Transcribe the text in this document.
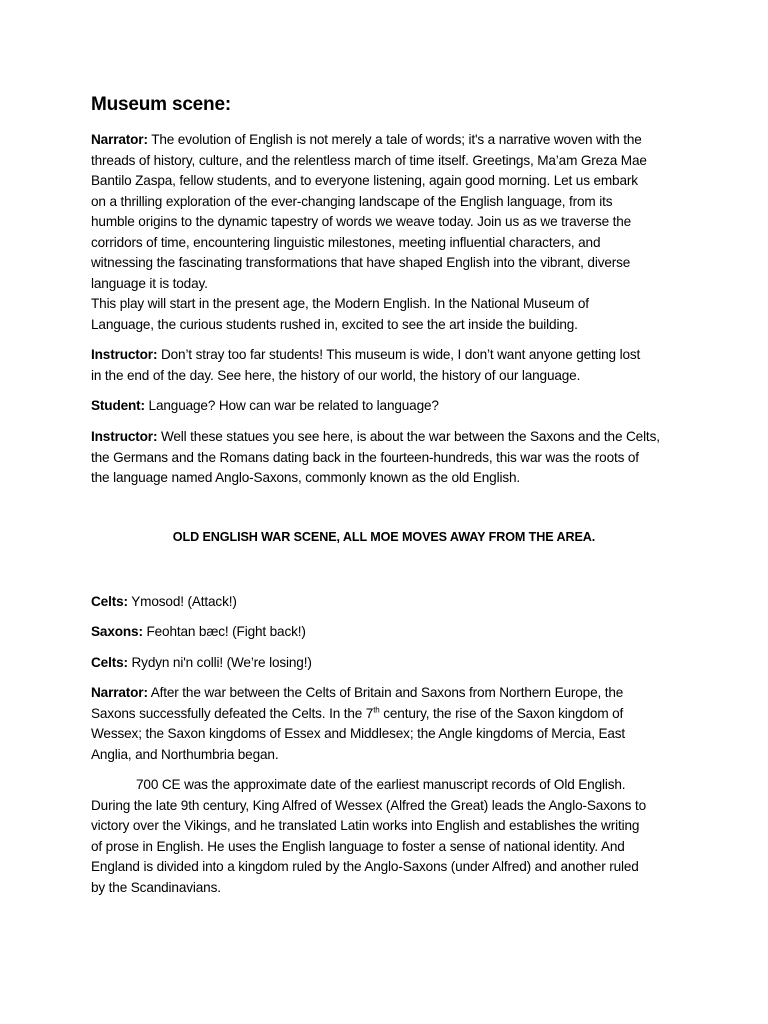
Museum scene:
Narrator: The evolution of English is not merely a tale of words; it's a narrative woven with the
threads of history, culture, and the relentless march of time itself. Greetings, Ma’am Greza Mae
Bantilo Zaspa, fellow students, and to everyone listening, again good morning. Let us embark
on a thrilling exploration of the ever-changing landscape of the English language, from its
humble origins to the dynamic tapestry of words we weave today. Join us as we traverse the
corridors of time, encountering linguistic milestones, meeting influential characters, and
witnessing the fascinating transformations that have shaped English into the vibrant, diverse
language it is today.
This play will start in the present age, the Modern English. In the National Museum of
Language, the curious students rushed in, excited to see the art inside the building.
Instructor: Don’t stray too far students! This museum is wide, I don’t want anyone getting lost
in the end of the day. See here, the history of our world, the history of our language.
Student: Language? How can war be related to language?
Instructor: Well these statues you see here, is about the war between the Saxons and the Celts,
the Germans and the Romans dating back in the fourteen-hundreds, this war was the roots of
the language named Anglo-Saxons, commonly known as the old English.
OLD ENGLISH WAR SCENE, ALL MOE MOVES AWAY FROM THE AREA.
Celts: Ymosod! (Attack!)
Saxons: Feohtan bæc! (Fight back!)
Celts: Rydyn ni'n colli! (We’re losing!)
Narrator: After the war between the Celts of Britain and Saxons from Northern Europe, the
Saxons successfully defeated the Celts. In the 7th century, the rise of the Saxon kingdom of
Wessex; the Saxon kingdoms of Essex and Middlesex; the Angle kingdoms of Mercia, East
Anglia, and Northumbria began.
700 CE was the approximate date of the earliest manuscript records of Old English.
During the late 9th century, King Alfred of Wessex (Alfred the Great) leads the Anglo-Saxons to
victory over the Vikings, and he translated Latin works into English and establishes the writing
of prose in English. He uses the English language to foster a sense of national identity. And
England is divided into a kingdom ruled by the Anglo-Saxons (under Alfred) and another ruled
by the Scandinavians.
